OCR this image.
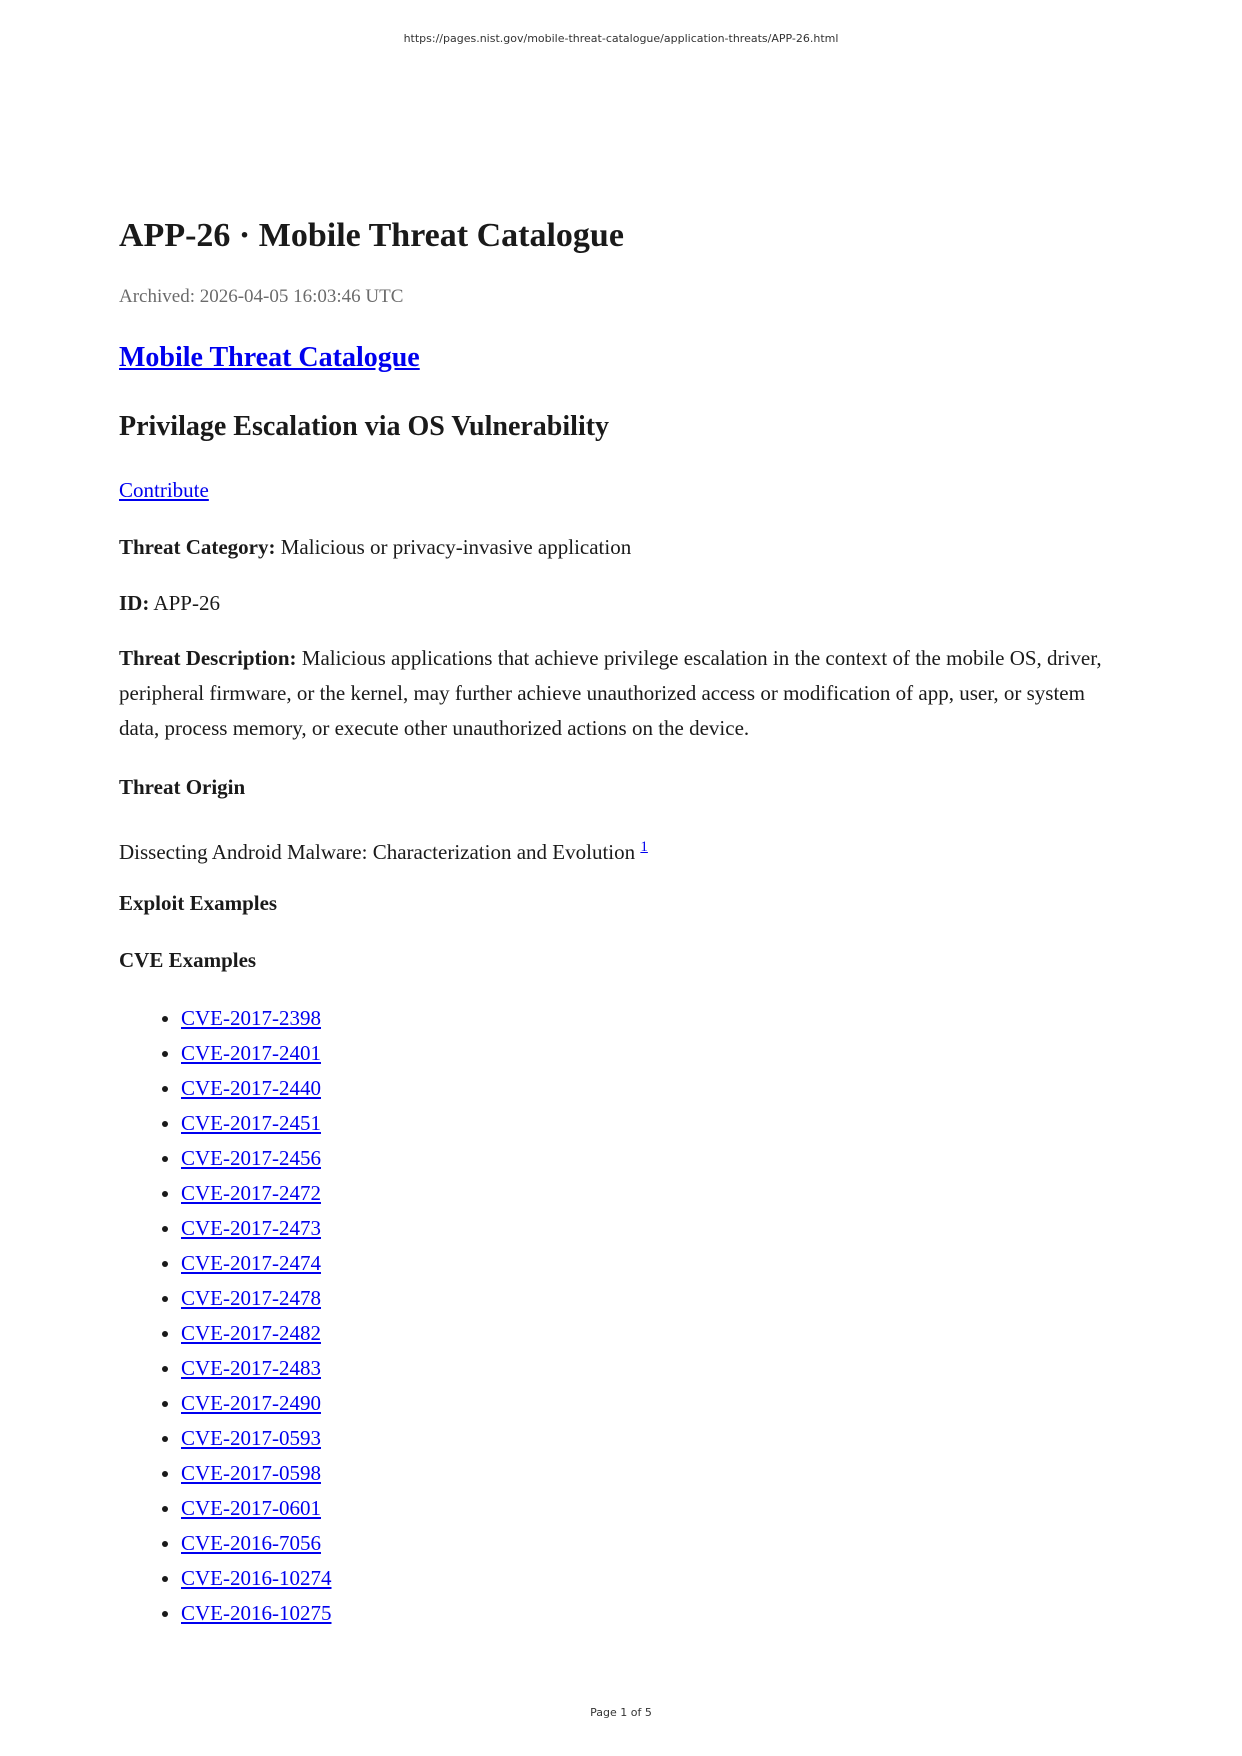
https://pages.nist.gov/mobile-threat-catalogue/application-threats/APP-26.html

APP-26 · Mobile Threat Catalogue

Archived: 2026-04-05 16:03:46 UTC

Mobile Threat Catalogue
Privilage Escalation via OS Vulnerability
Contribute

Threat Category: Malicious or privacy-invasive application

ID: APP-26

Threat Description: Malicious applications that achieve privilege escalation in the context of the mobile OS, driver, peripheral firmware, or the kernel, may further achieve unauthorized access or modification of app, user, or system data, process memory, or execute other unauthorized actions on the device.

Threat Origin

Dissecting Android Malware: Characterization and Evolution $^1$

Exploit Examples
CVE Examples
• CVE-2017-2398
• CVE-2017-2401
• CVE-2017-2440
• CVE-2017-2451
• CVE-2017-2456
• CVE-2017-2472
• CVE-2017-2473
• CVE-2017-2474
• CVE-2017-2478
• CVE-2017-2482
• CVE-2017-2483
• CVE-2017-2490
• CVE-2017-0593
• CVE-2017-0598
• CVE-2017-0601
• CVE-2016-7056
• CVE-2016-10274
• CVE-2016-10275

Page 1 of 5
